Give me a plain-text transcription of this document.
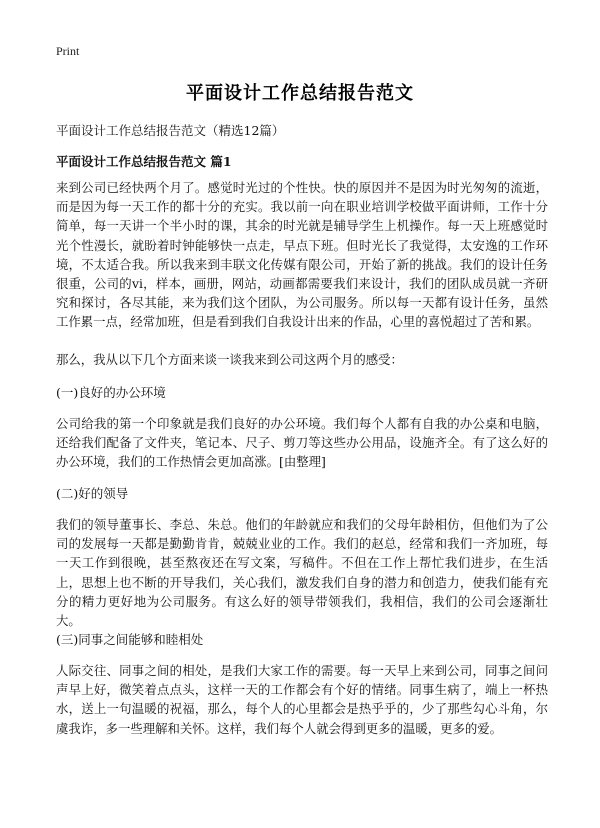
Print
平面设计工作总结报告范文
平面设计工作总结报告范文（精选12篇）
平面设计工作总结报告范文 篇1
来到公司已经快两个月了。感觉时光过的个性快。快的原因并不是因为时光匆匆的流逝，而是因为每一天工作的都十分的充实。我以前一向在职业培训学校做平面讲师，工作十分简单，每一天讲一个半小时的课，其余的时光就是辅导学生上机操作。每一天上班感觉时光个性漫长，就盼着时钟能够快一点走，早点下班。但时光长了我觉得，太安逸的工作环境，不太适合我。所以我来到丰联文化传媒有限公司，开始了新的挑战。我们的设计任务很重，公司的vi，样本，画册，网站，动画都需要我们来设计，我们的团队成员就一齐研究和探讨，各尽其能，来为我们这个团队，为公司服务。所以每一天都有设计任务，虽然工作累一点，经常加班，但是看到我们自我设计出来的作品，心里的喜悦超过了苦和累。
那么，我从以下几个方面来谈一谈我来到公司这两个月的感受：
(一)良好的办公环境
公司给我的第一个印象就是我们良好的办公环境。我们每个人都有自我的办公桌和电脑，还给我们配备了文件夹，笔记本、尺子、剪刀等这些办公用品，设施齐全。有了这么好的办公环境，我们的工作热情会更加高涨。[由整理]
(二)好的领导
我们的领导董事长、李总、朱总。他们的年龄就应和我们的父母年龄相仿，但他们为了公司的发展每一天都是勤勤肯肯，兢兢业业的工作。我们的赵总，经常和我们一齐加班，每一天工作到很晚，甚至熬夜还在写文案，写稿件。不但在工作上帮忙我们进步，在生活上，思想上也不断的开导我们，关心我们，激发我们自身的潜力和创造力，使我们能有充分的精力更好地为公司服务。有这么好的领导带领我们，我相信，我们的公司会逐渐壮大。
(三)同事之间能够和睦相处
人际交往、同事之间的相处，是我们大家工作的需要。每一天早上来到公司，同事之间问声早上好，微笑着点点头，这样一天的工作都会有个好的情绪。同事生病了，端上一杯热水，送上一句温暖的祝福，那么，每个人的心里都会是热乎乎的，少了那些勾心斗角，尔虞我诈，多一些理解和关怀。这样，我们每个人就会得到更多的温暖，更多的爱。
